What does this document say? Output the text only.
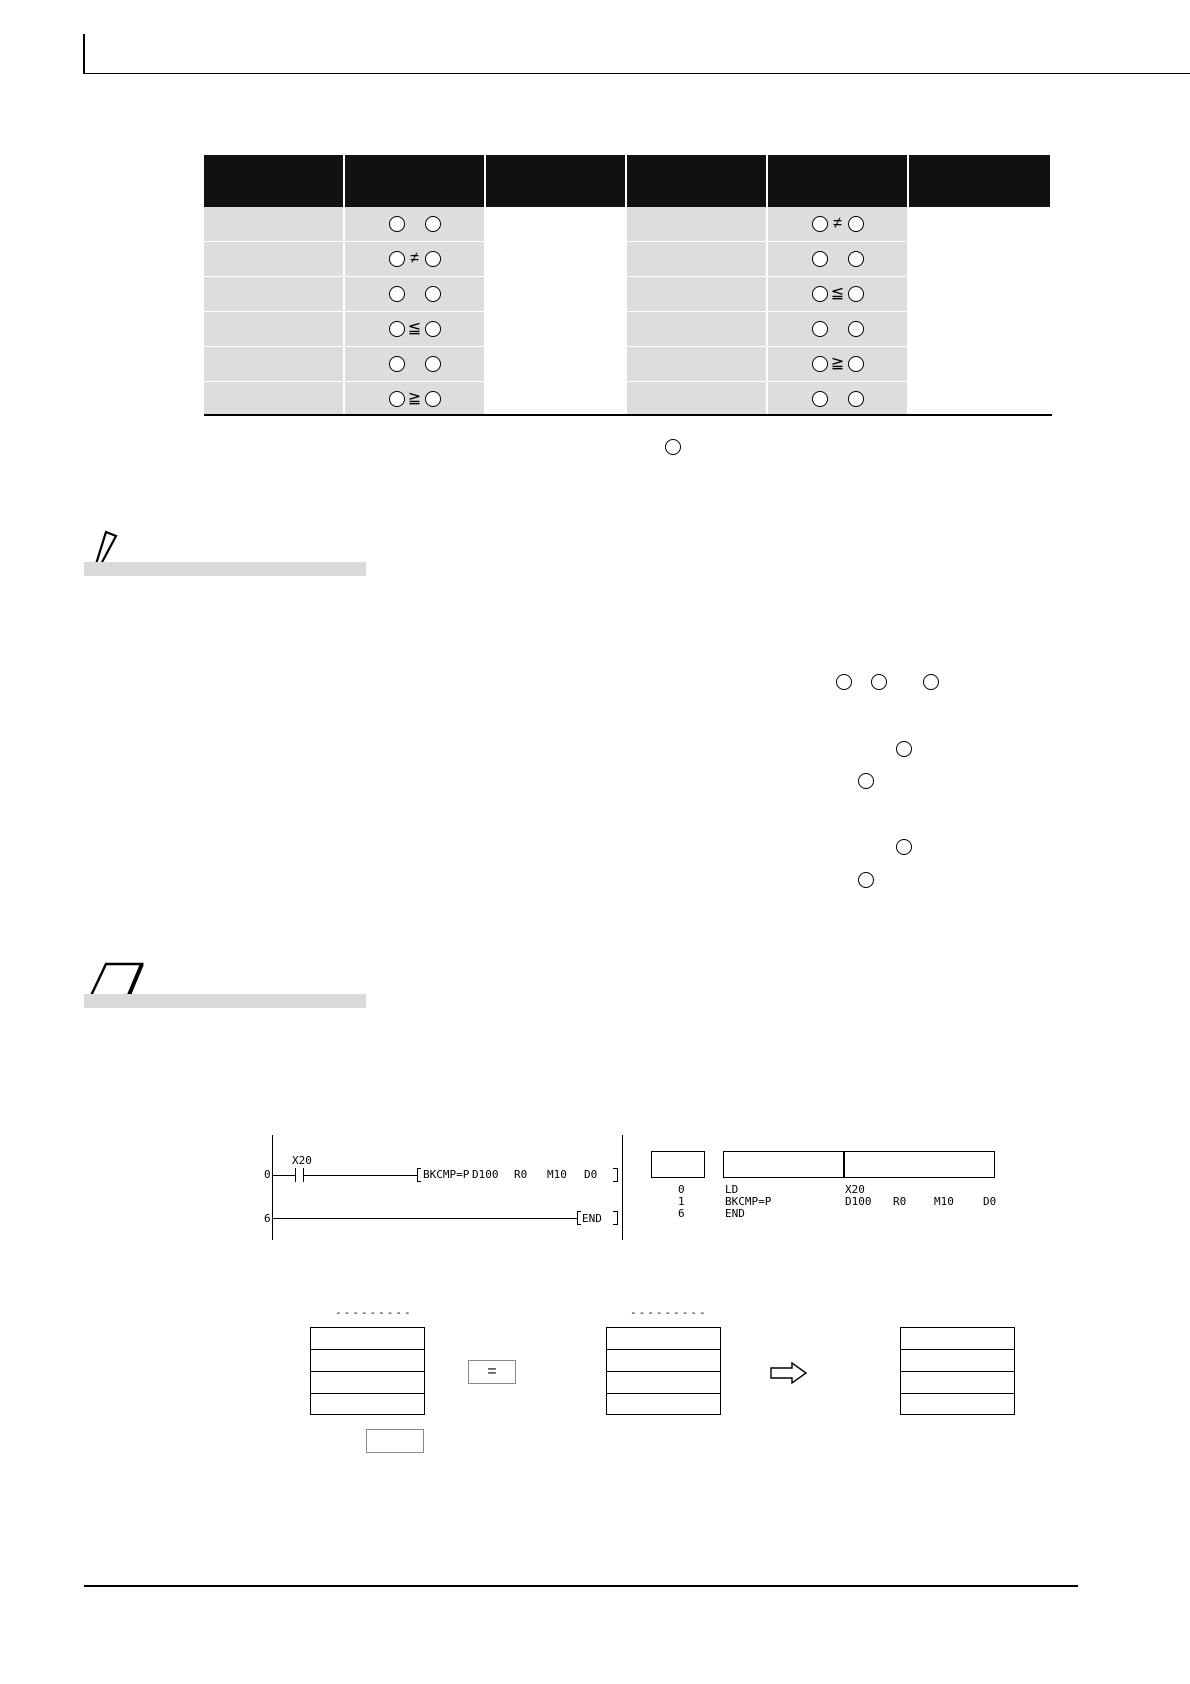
≠
≠
≦
≦
≧
≧
0
6
X20
BKCMP=P D100 R0 M10 D0
END
0
1
6
LD
BKCMP=P
END
X20
D100 R0	M10	D0
---------
=
---------
